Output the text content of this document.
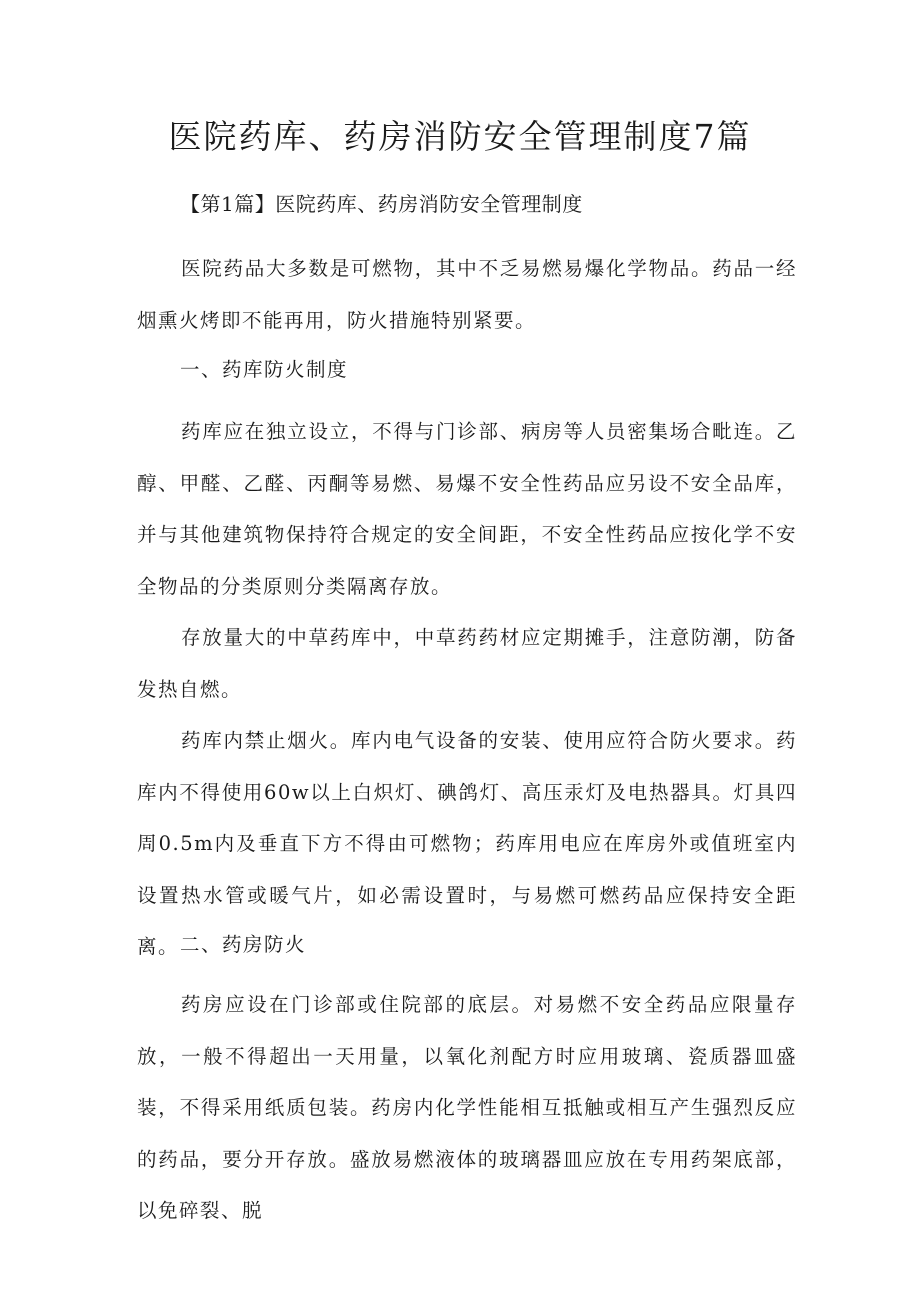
医院药库、药房消防安全管理制度7篇

【第1篇】医院药库、药房消防安全管理制度

医院药品大多数是可燃物，其中不乏易燃易爆化学物品。药品一经烟熏火烤即不能再用，防火措施特别紧要。

一、药库防火制度

药库应在独立设立，不得与门诊部、病房等人员密集场合毗连。乙醇、甲醛、乙醛、丙酮等易燃、易爆不安全性药品应另设不安全品库，并与其他建筑物保持符合规定的安全间距，不安全性药品应按化学不安全物品的分类原则分类隔离存放。

存放量大的中草药库中，中草药药材应定期摊手，注意防潮，防备发热自燃。

药库内禁止烟火。库内电气设备的安装、使用应符合防火要求。药库内不得使用60w以上白炽灯、碘鸽灯、高压汞灯及电热器具。灯具四周0.5m内及垂直下方不得由可燃物；药库用电应在库房外或值班室内设置热水管或暖气片，如必需设置时，与易燃可燃药品应保持安全距离。 二、药房防火

药房应设在门诊部或住院部的底层。对易燃不安全药品应限量存放，一般不得超出一天用量，以氧化剂配方时应用玻璃、瓷质器皿盛装，不得采用纸质包装。药房内化学性能相互抵触或相互产生强烈反应的药品，要分开存放。盛放易燃液体的玻璃器皿应放在专用药架底部，以免碎裂、脱
